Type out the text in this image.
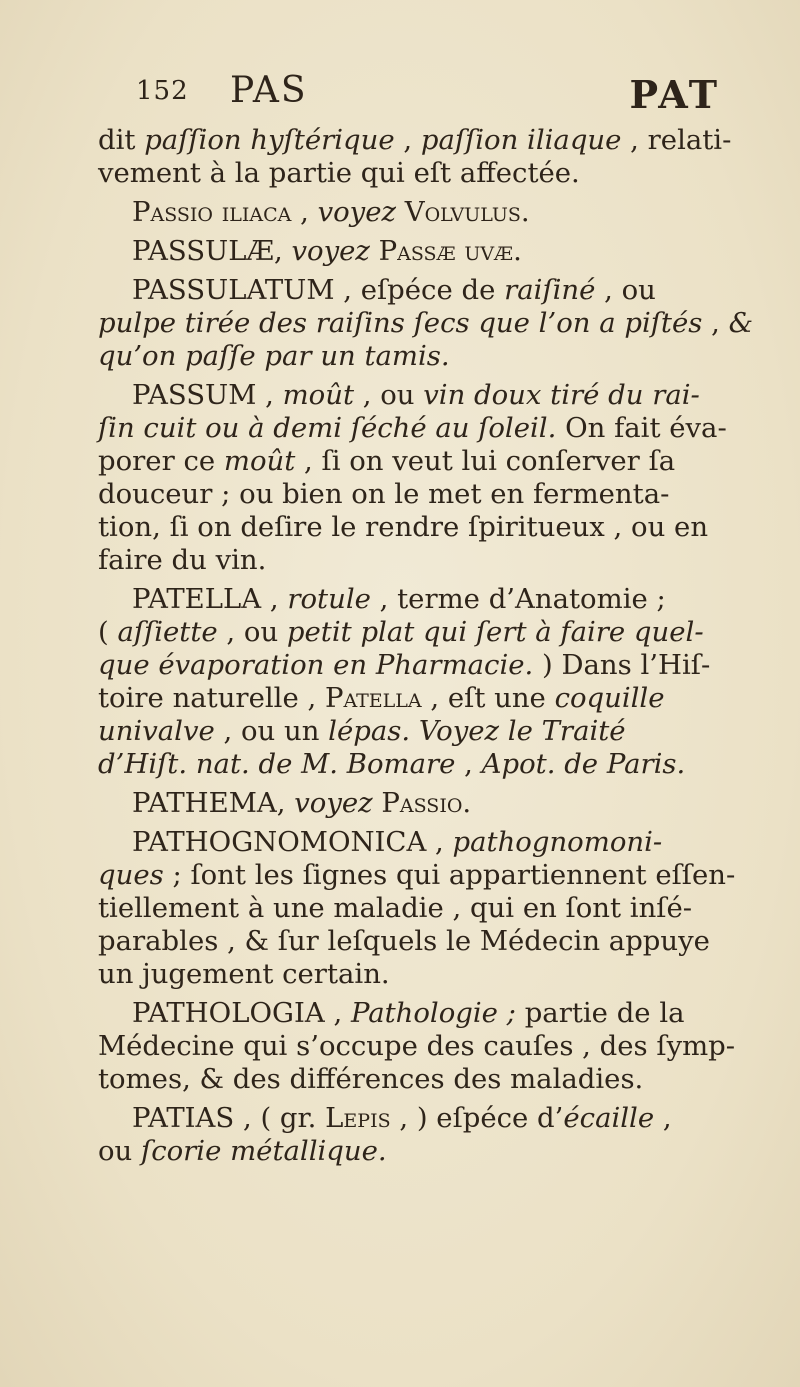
152 PAS	PAT
dit paſſion hyſtérique , paſſion iliaque , relati-
vement à la partie qui eſt affectée.
Passio iliaca , voyez Volvulus.
PASSULÆ, voyez Passæ uvæ.
PASSULATUM , eſpéce de raiſiné , ou
pulpe tirée des raiſins ſecs que l’on a piſtés , &
qu’on paſſe par un tamis.
PASSUM , moût , ou vin doux tiré du rai-
ſin cuit ou à demi ſéché au ſoleil. On fait éva-
porer ce moût , ſi on veut lui conſerver ſa
douceur ; ou bien on le met en fermenta-
tion, ſi on deſire le rendre ſpiritueux , ou en
faire du vin.
PATELLA , rotule , terme d’Anatomie ;
( aſſiette , ou petit plat qui ſert à faire quel-
que évaporation en Pharmacie. ) Dans l’Hiſ-
toire naturelle , Patella , eſt une coquille
univalve , ou un lépas. Voyez le Traité
d’Hiſt. nat. de M. Bomare , Apot. de Paris.
PATHEMA, voyez Passio.
PATHOGNOMONICA , pathognomoni-
ques ; ſont les ſignes qui appartiennent eſſen-
tiellement à une maladie , qui en ſont inſé-
parables , & ſur leſquels le Médecin appuye
un jugement certain.
PATHOLOGIA , Pathologie ; partie de la
Médecine qui s’occupe des cauſes , des ſymp-
tomes, & des différences des maladies.
PATIAS , ( gr. Lepis , ) eſpéce d’écaille ,
ou ſcorie métallique.
